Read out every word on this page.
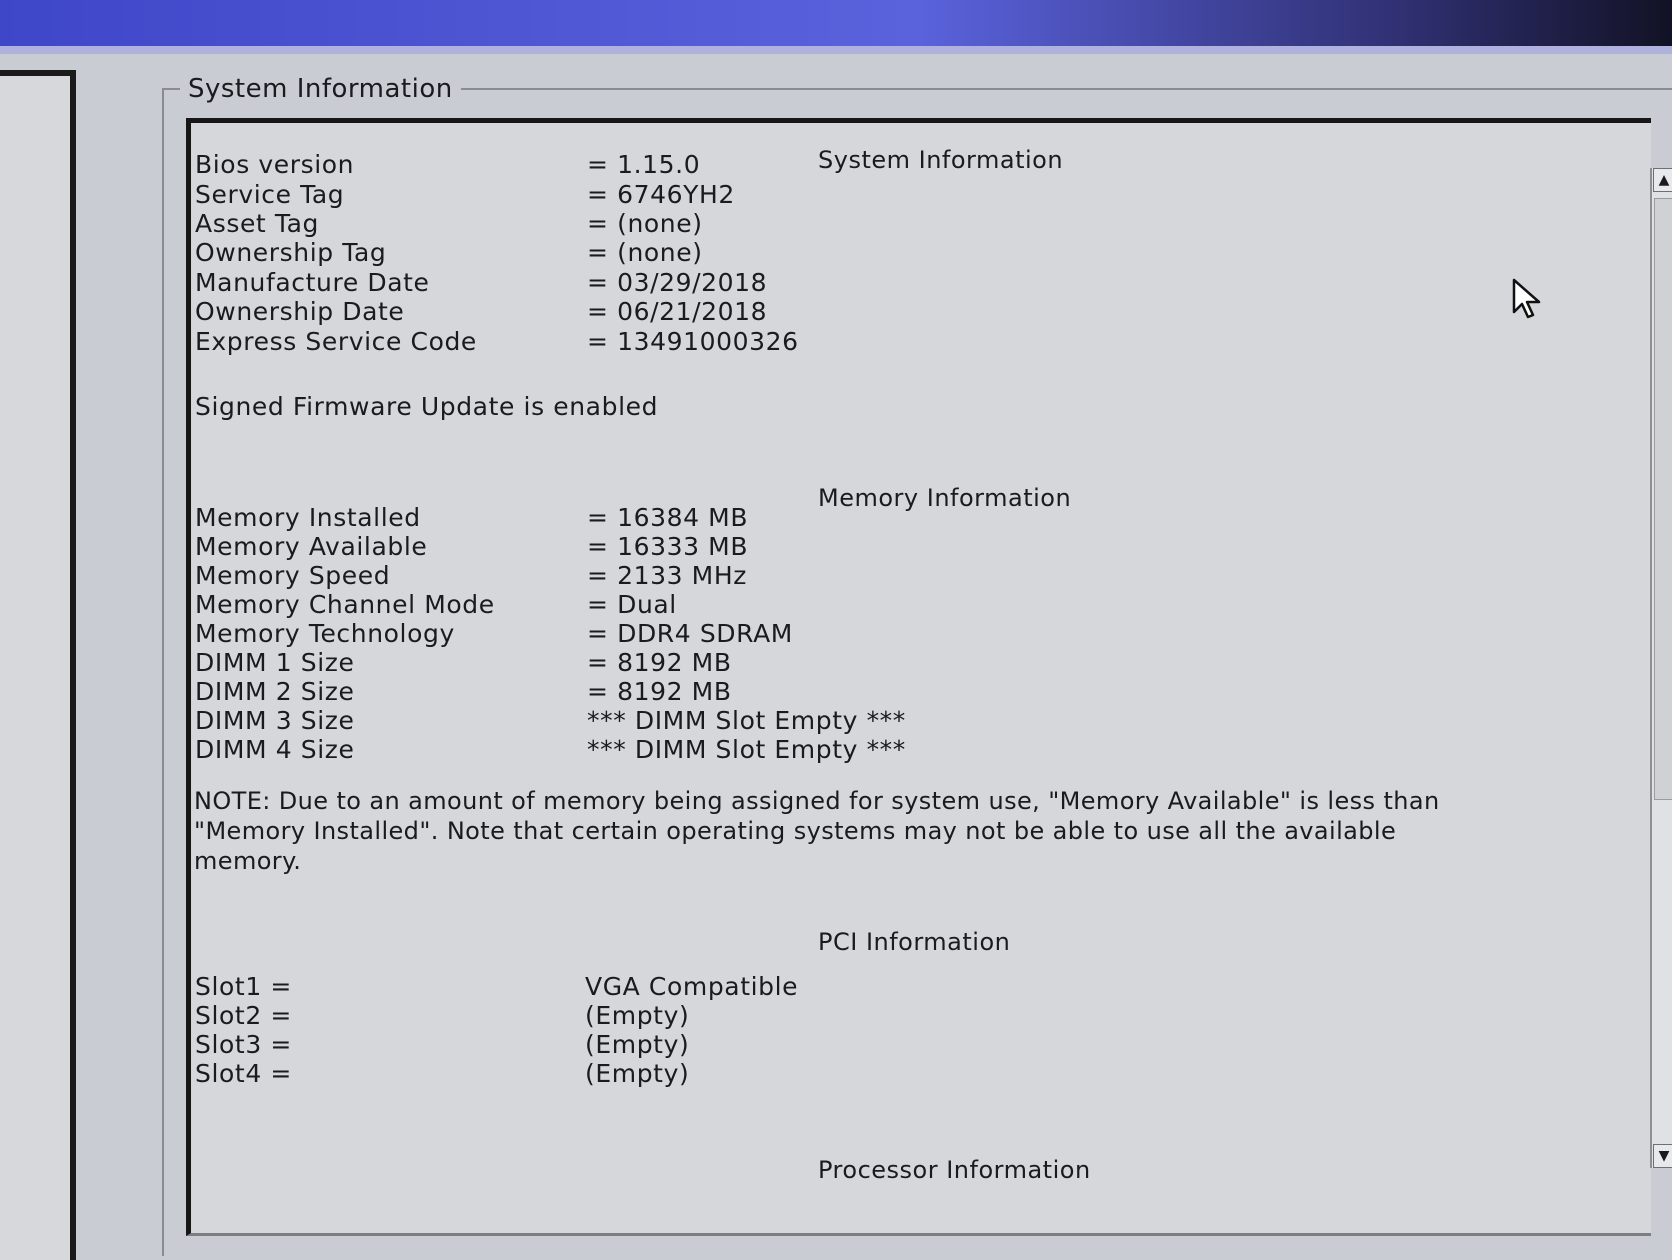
System Information
▲
▼
System Information
Bios version	= 1.15.0
Service Tag	= 6746YH2
Asset Tag	= (none)
Ownership Tag	= (none)
Manufacture Date	= 03/29/2018
Ownership Date	= 06/21/2018
Express Service Code	= 13491000326
Signed Firmware Update is enabled
Memory Information
Memory Installed	= 16384 MB
Memory Available	= 16333 MB
Memory Speed	= 2133 MHz
Memory Channel Mode	= Dual
Memory Technology	= DDR4 SDRAM
DIMM 1 Size	= 8192 MB
DIMM 2 Size	= 8192 MB
DIMM 3 Size	*** DIMM Slot Empty ***
DIMM 4 Size	*** DIMM Slot Empty ***
NOTE: Due to an amount of memory being assigned for system use, "Memory Available" is less than "Memory Installed". Note that certain operating systems may not be able to use all the available memory.
PCI Information
Slot1 =	VGA Compatible
Slot2 =	(Empty)
Slot3 =	(Empty)
Slot4 =	(Empty)
Processor Information
